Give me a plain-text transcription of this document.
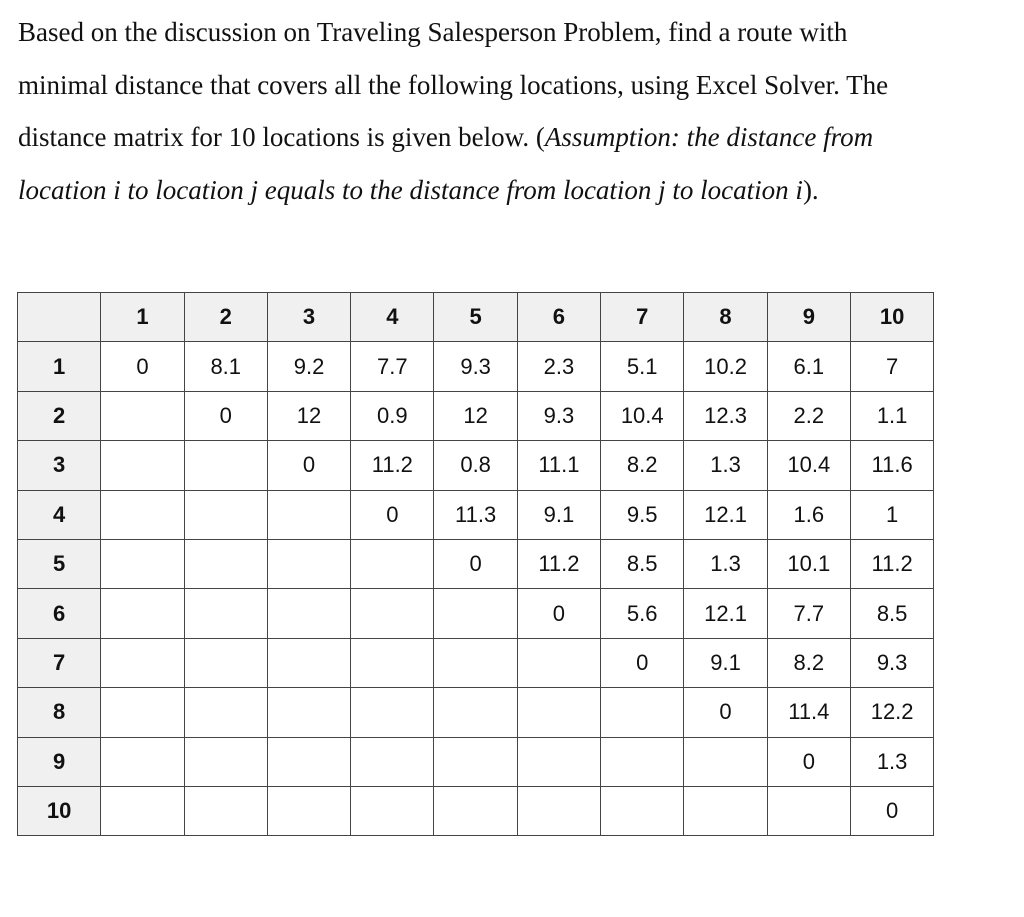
Based on the discussion on Traveling Salesperson Problem, find a route with
minimal distance that covers all the following locations, using Excel Solver. The
distance matrix for 10 locations is given below. (Assumption: the distance from
location i to location j equals to the distance from location j to location i).

	1	2	3	4	5	6	7	8	9	10
1	0	8.1	9.2	7.7	9.3	2.3	5.1	10.2	6.1	7
2		0	12	0.9	12	9.3	10.4	12.3	2.2	1.1
3			0	11.2	0.8	11.1	8.2	1.3	10.4	11.6
4				0	11.3	9.1	9.5	12.1	1.6	1
5					0	11.2	8.5	1.3	10.1	11.2
6						0	5.6	12.1	7.7	8.5
7							0	9.1	8.2	9.3
8								0	11.4	12.2
9									0	1.3
10										0
